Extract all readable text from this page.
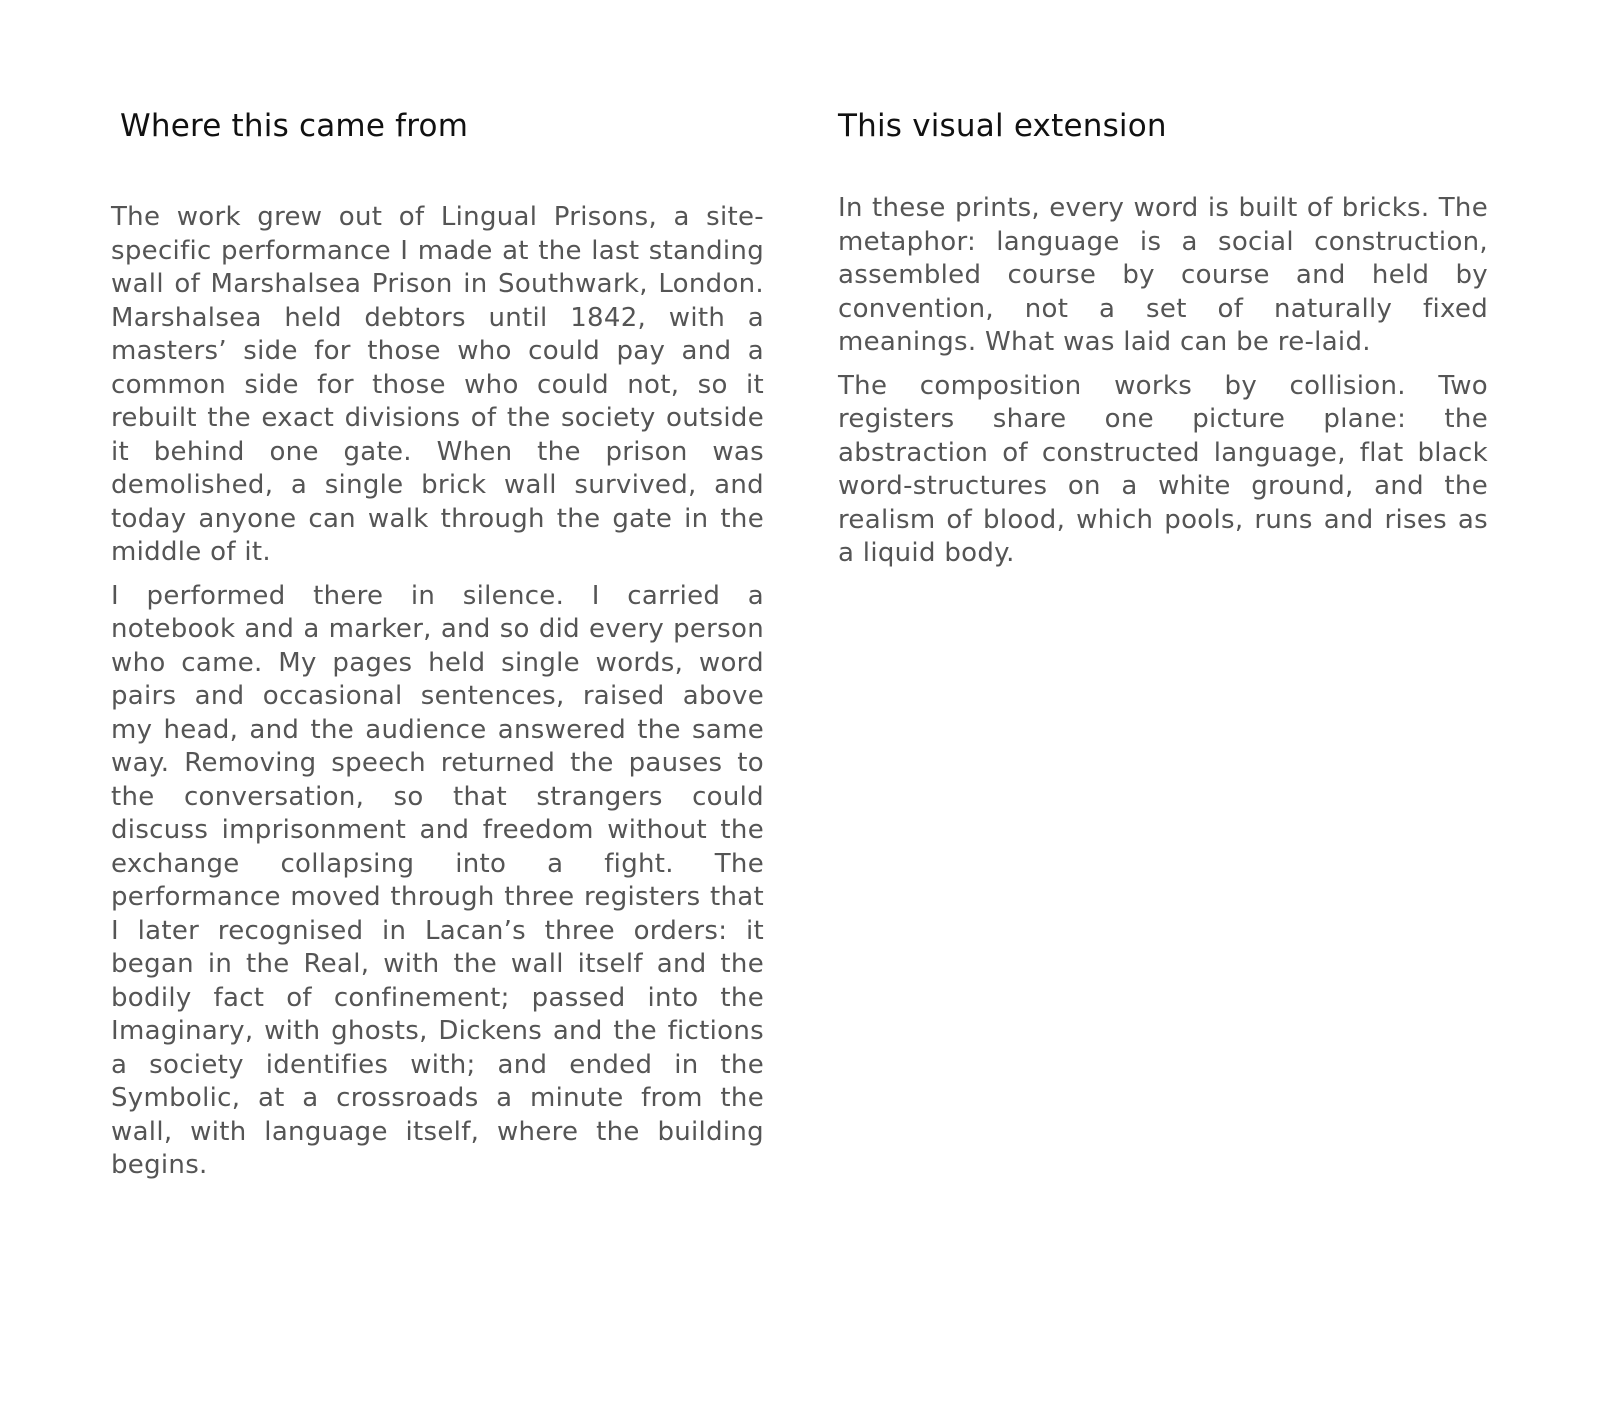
Where this came from

The work grew out of Lingual Prisons, a site-specific performance I made at the last standing wall of Marshalsea Prison in Southwark, London. Marshalsea held debtors until 1842, with a masters’ side for those who could pay and a common side for those who could not, so it rebuilt the exact divisions of the society outside it behind one gate. When the prison was demolished, a single brick wall survived, and today anyone can walk through the gate in the middle of it.

I performed there in silence. I carried a notebook and a marker, and so did every person who came. My pages held single words, word pairs and occasional sentences, raised above my head, and the audience answered the same way. Removing speech returned the pauses to the conversation, so that strangers could discuss imprisonment and freedom without the exchange collapsing into a fight. The performance moved through three registers that I later recognised in Lacan’s three orders: it began in the Real, with the wall itself and the bodily fact of confinement; passed into the Imaginary, with ghosts, Dickens and the fictions a society identifies with; and ended in the Symbolic, at a crossroads a minute from the wall, with language itself, where the building begins.

This visual extension

In these prints, every word is built of bricks. The metaphor: language is a social construction, assembled course by course and held by convention, not a set of naturally fixed meanings. What was laid can be re-laid.

The composition works by collision. Two registers share one picture plane: the abstraction of constructed language, flat black word-structures on a white ground, and the realism of blood, which pools, runs and rises as a liquid body.
